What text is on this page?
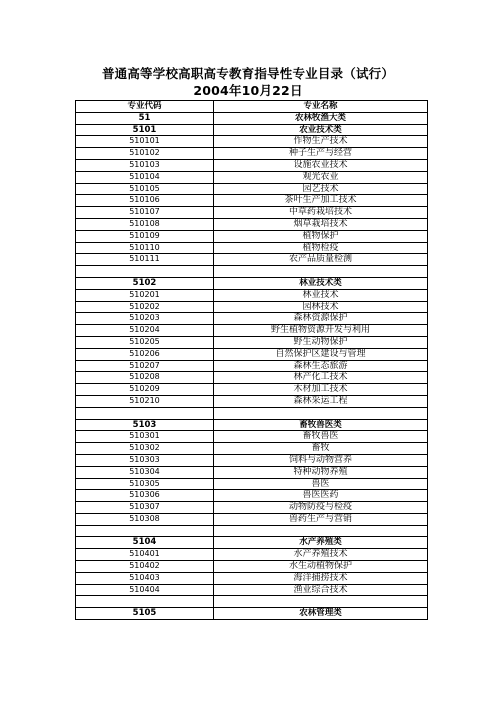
普通高等学校高职高专教育指导性专业目录（试行）
2004年10月22日
专业代码	专业名称
51	农林牧渔大类
5101	农业技术类
510101	作物生产技术
510102	种子生产与经营
510103	设施农业技术
510104	观光农业
510105	园艺技术
510106	茶叶生产加工技术
510107	中草药栽培技术
510108	烟草栽培技术
510109	植物保护
510110	植物检疫
510111	农产品质量检测

5102	林业技术类
510201	林业技术
510202	园林技术
510203	森林资源保护
510204	野生植物资源开发与利用
510205	野生动物保护
510206	自然保护区建设与管理
510207	森林生态旅游
510208	林产化工技术
510209	木材加工技术
510210	森林采运工程

5103	畜牧兽医类
510301	畜牧兽医
510302	畜牧
510303	饲料与动物营养
510304	特种动物养殖
510305	兽医
510306	兽医医药
510307	动物防疫与检疫
510308	兽药生产与营销

5104	水产养殖类
510401	水产养殖技术
510402	水生动植物保护
510403	海洋捕捞技术
510404	渔业综合技术

5105	农林管理类
